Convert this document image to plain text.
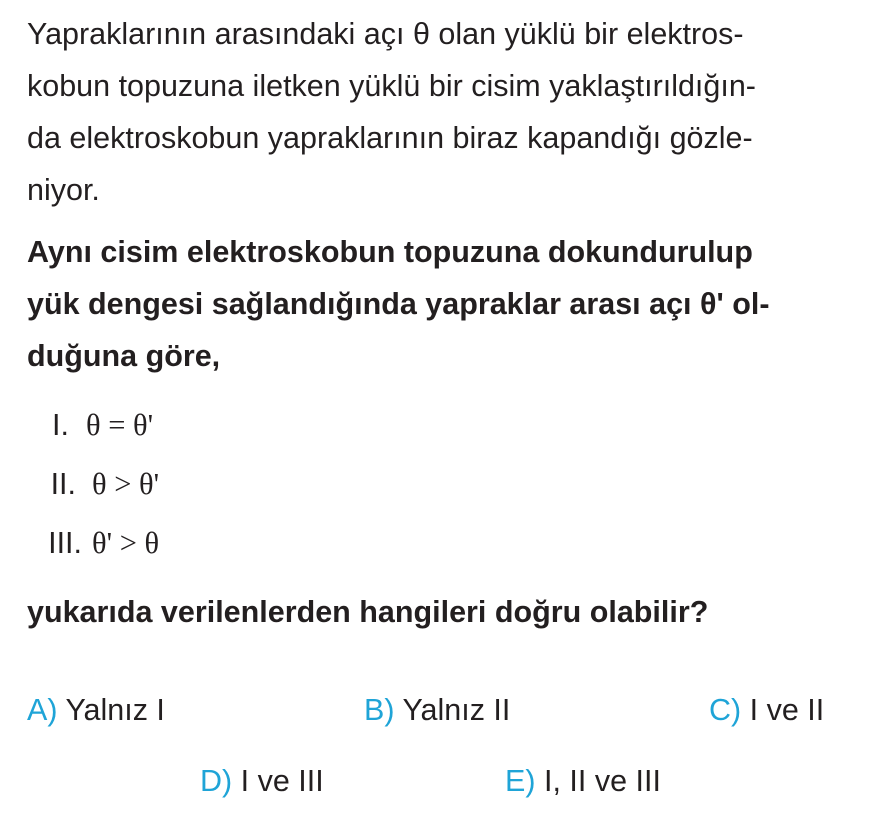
Yapraklarının arasındaki açı θ olan yüklü bir elektros-
kobun topuzuna iletken yüklü bir cisim yaklaştırıldığın-
da elektroskobun yapraklarının biraz kapandığı gözle-
niyor.
Aynı cisim elektroskobun topuzuna dokundurulup
yük dengesi sağlandığında yapraklar arası açı θ' ol-
duğuna göre,
I. θ = θ'
II. θ > θ'
III. θ' > θ
yukarıda verilenlerden hangileri doğru olabilir?
A) Yalnız I	B) Yalnız II	C) I ve II
D) I ve III	E) I, II ve III
